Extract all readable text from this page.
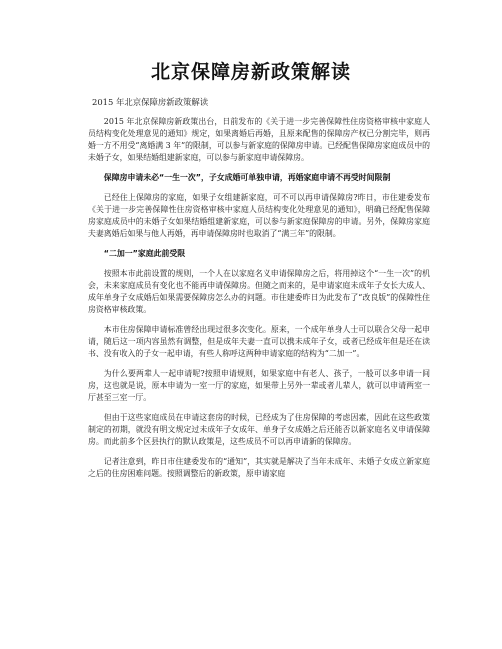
北京保障房新政策解读
2015 年北京保障房新政策解读
2015 年北京保障房新政策出台，日前发布的《关于进一步完善保障性住房资格审核中家庭人员结构变化处理意见的通知》规定，如果离婚后再婚，且原来配售的保障房产权已分割完毕，则再婚一方不用受“离婚满 3 年”的限制，可以参与新家庭的保障房申请。已经配售保障房家庭成员中的未婚子女，如果结婚组建新家庭，可以参与新家庭申请保障房。
保障房申请未必“一生一次”，子女成婚可单独申请，再婚家庭申请不再受时间限制
已经住上保障房的家庭，如果子女组建新家庭，可不可以再申请保障房?昨日，市住建委发布《关于进一步完善保障性住房资格审核中家庭人员结构变化处理意见的通知》，明确已经配售保障房家庭成员中的未婚子女如果结婚组建新家庭，可以参与新家庭保障房的申请。另外，保障房家庭夫妻离婚后如果与他人再婚，再申请保障房时也取消了“满三年”的限制。
“二加一”家庭此前受限
按照本市此前设置的规则，一个人在以家庭名义申请保障房之后，将用掉这个“一生一次”的机会，未来家庭成员有变化也不能再申请保障房。但随之而来的，是申请家庭未成年子女长大成人、成年单身子女成婚后如果需要保障房怎么办的问题。市住建委昨日为此发布了“改良版”的保障性住房资格审核政策。
本市住房保障申请标准曾经出现过很多次变化。原来，一个成年单身人士可以联合父母一起申请，随后这一项内容虽然有调整，但是成年夫妻一直可以携未成年子女，或者已经成年但是还在读书、没有收入的子女一起申请，有些人称呼这两种申请家庭的结构为“二加一”。
为什么要两辈人一起申请呢?按照申请规则，如果家庭中有老人、孩子，一般可以多申请一间房，这也就是说，原本申请为一室一厅的家庭，如果带上另外一辈或者儿辈人，就可以申请两室一厅甚至三室一厅。
但由于这些家庭成员在申请这套房的时候，已经成为了住房保障的考虑因素，因此在这些政策制定的初期，就没有明文规定过未成年子女成年、单身子女成婚之后还能否以新家庭名义申请保障房。而此前多个区县执行的默认政策是，这些成员不可以再申请新的保障房。
记者注意到，昨日市住建委发布的“通知”，其实就是解决了当年未成年、未婚子女成立新家庭之后的住房困难问题。按照调整后的新政策，原申请家庭
